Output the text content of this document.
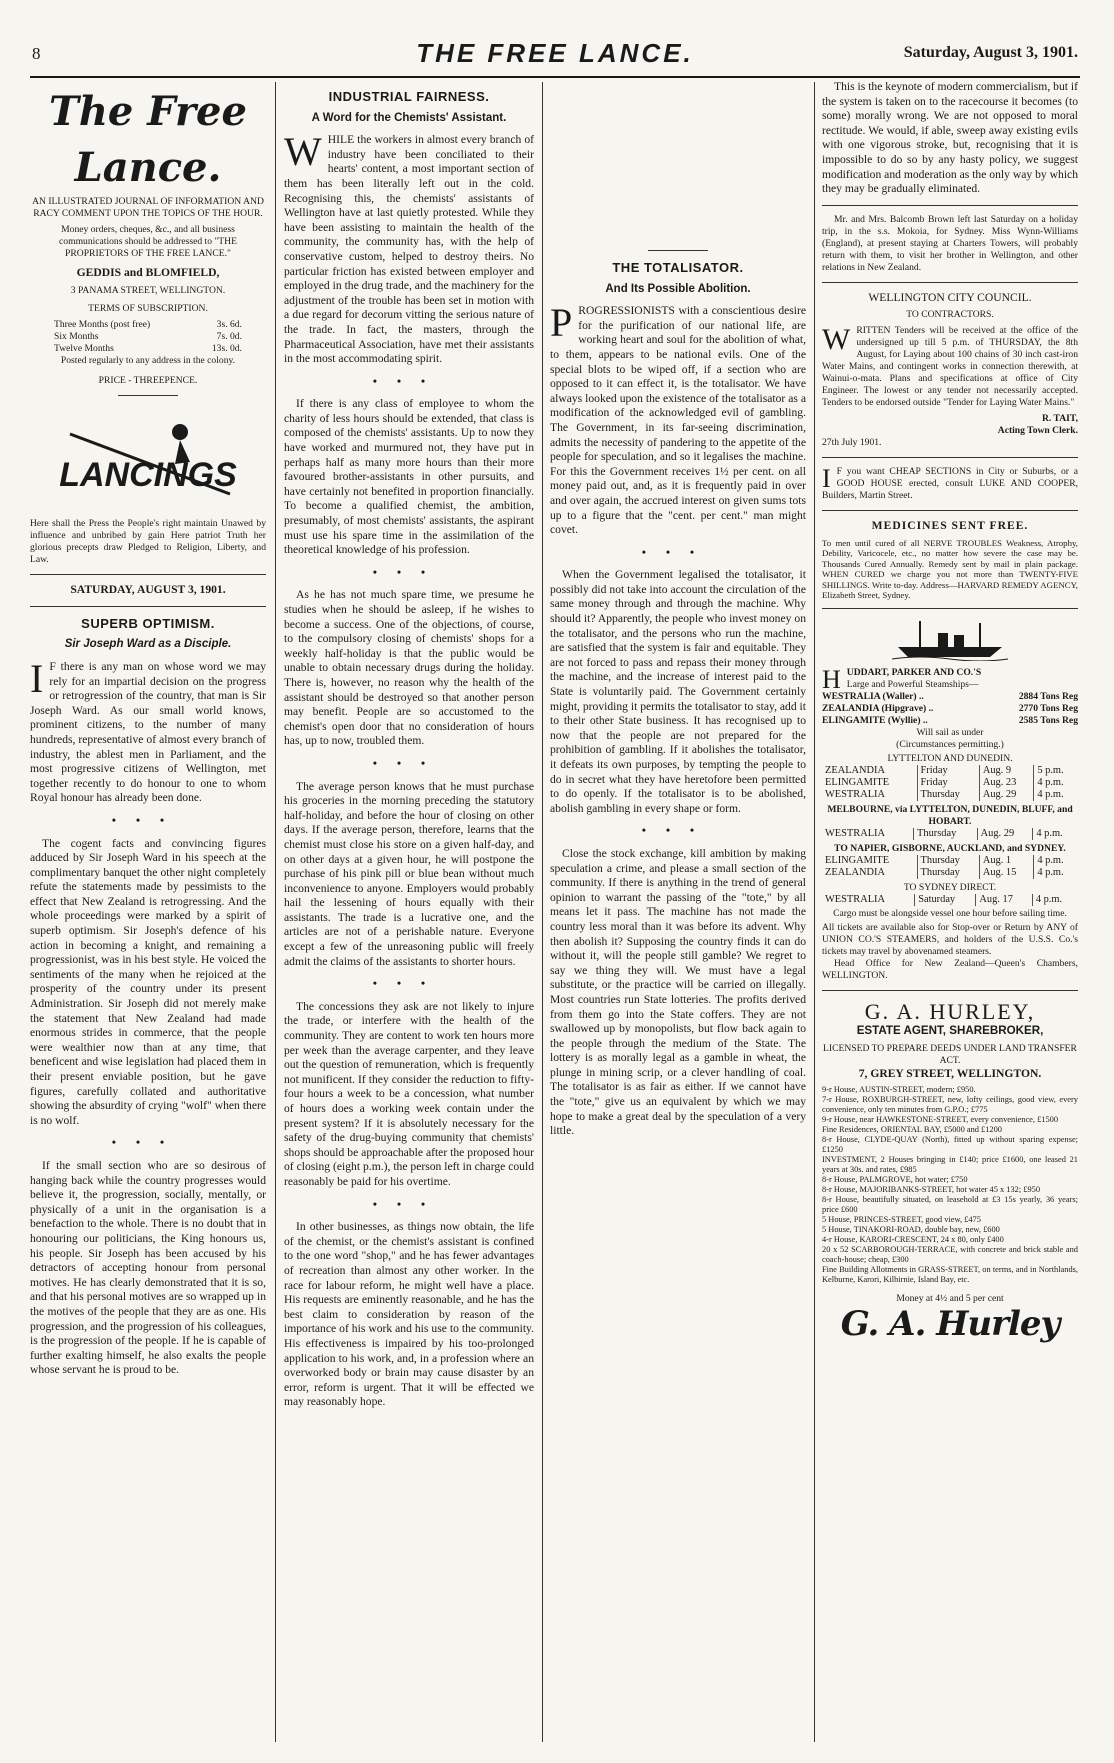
8	THE FREE LANCE.	Saturday, August 3, 1901.
The Free Lance.

AN ILLUSTRATED JOURNAL OF INFORMATION AND RACY COMMENT UPON THE TOPICS OF THE HOUR.

Money orders, cheques, &c., and all business communications should be addressed to "THE PROPRIETORS OF THE FREE LANCE."

GEDDIS and BLOMFIELD,

3 PANAMA STREET, WELLINGTON.

TERMS OF SUBSCRIPTION.

Three Months (post free)	3s. 6d.
Six Months	7s. 0d.
Twelve Months	13s. 0d.

Posted regularly to any address in the colony.

PRICE - THREEPENCE.

LANCINGS

Here shall the Press the People's right maintain Unawed by influence and unbribed by gain Here patriot Truth her glorious precepts draw Pledged to Religion, Liberty, and Law.

SATURDAY, AUGUST 3, 1901.

SUPERB OPTIMISM.
Sir Joseph Ward as a Disciple.

I F there is any man on whose word we may rely for an impartial decision on the progress or retrogression of the country, that man is Sir Joseph Ward. As our small world knows, prominent citizens, to the number of many hundreds, representative of almost every branch of industry, the ablest men in Parliament, and the most progressive citizens of Wellington, met together recently to do honour to one to whom Royal honour has already been done.

•••

The cogent facts and convincing figures adduced by Sir Joseph Ward in his speech at the complimentary banquet the other night completely refute the statements made by pessimists to the effect that New Zealand is retrogressing. And the whole proceedings were marked by a spirit of superb optimism. Sir Joseph's defence of his action in becoming a knight, and remaining a progressionist, was in his best style. He voiced the sentiments of the many when he rejoiced at the prosperity of the country under its present Administration. Sir Joseph did not merely make the statement that New Zealand had made enormous strides in commerce, that the people were wealthier now than at any time, that beneficent and wise legislation had placed them in their present enviable position, but he gave figures, carefully collated and authoritative showing the absurdity of crying "wolf" when there is no wolf.

•••

If the small section who are so desirous of hanging back while the country progresses would believe it, the progression, socially, mentally, or physically of a unit in the organisation is a benefaction to the whole. There is no doubt that in honouring our politicians, the King honours us, his people. Sir Joseph has been accused by his detractors of accepting honour from personal motives. He has clearly demonstrated that it is so, and that his personal motives are so wrapped up in the motives of the people that they are as one. His progression, and the progression of his colleagues, is the progression of the people. If he is capable of further exalting himself, he also exalts the people whose servant he is proud to be.

INDUSTRIAL FAIRNESS.
A Word for the Chemists' Assistant.

WHILE the workers in almost every branch of industry have been conciliated to their hearts' content, a most important section of them has been literally left out in the cold. Recognising this, the chemists' assistants of Wellington have at last quietly protested. While they have been assisting to maintain the health of the community, the community has, with the help of conservative custom, helped to destroy theirs. No particular friction has existed between employer and employed in the drug trade, and the machinery for the adjustment of the trouble has been set in motion with a due regard for decorum vitting the serious nature of the trade. In fact, the masters, through the Pharmaceutical Association, have met their assistants in the most accommodating spirit.

•••

If there is any class of employee to whom the charity of less hours should be extended, that class is composed of the chemists' assistants. Up to now they have worked and murmured not, they have put in perhaps half as many more hours than their more favoured brother-assistants in other pursuits, and have certainly not benefited in proportion financially. To become a qualified chemist, the ambition, presumably, of most chemists' assistants, the aspirant must use his spare time in the assimilation of the theoretical knowledge of his profession.

•••

As he has not much spare time, we presume he studies when he should be asleep, if he wishes to become a success. One of the objections, of course, to the compulsory closing of chemists' shops for a weekly half-holiday is that the public would be unable to obtain necessary drugs during the holiday. There is, however, no reason why the health of the assistant should be destroyed so that another person may benefit. People are so accustomed to the chemist's open door that no consideration of hours has, up to now, troubled them.

•••

The average person knows that he must purchase his groceries in the morning preceding the statutory half-holiday, and before the hour of closing on other days. If the average person, therefore, learns that the chemist must close his store on a given half-day, and on other days at a given hour, he will postpone the purchase of his pink pill or blue bean without much inconvenience to anyone. Employers would probably hail the lessening of hours equally with their assistants. The trade is a lucrative one, and the articles are not of a perishable nature. Everyone except a few of the unreasoning public will freely admit the claims of the assistants to shorter hours.

•••

The concessions they ask are not likely to injure the trade, or interfere with the health of the community. They are content to work ten hours more per week than the average carpenter, and they leave out the question of remuneration, which is frequently not munificent. If they consider the reduction to fifty-four hours a week to be a concession, what number of hours does a working week contain under the present system? If it is absolutely necessary for the safety of the drug-buying community that chemists' shops should be approachable after the proposed hour of closing (eight p.m.), the person left in charge could reasonably be paid for his overtime.

•••

In other businesses, as things now obtain, the life of the chemist, or the chemist's assistant is confined to the one word "shop," and he has fewer advantages of recreation than almost any other worker. In the race for labour reform, he might well have a place. His requests are eminently reasonable, and he has the best claim to consideration by reason of the importance of his work and his use to the community. His effectiveness is impaired by his too-prolonged application to his work, and, in a profession where an overworked body or brain may cause disaster by an error, reform is urgent. That it will be effected we may reasonably hope.

THE TOTALISATOR.
And Its Possible Abolition.

PROGRESSIONISTS with a conscientious desire for the purification of our national life, are working heart and soul for the abolition of what, to them, appears to be national evils. One of the special blots to be wiped off, if a section who are opposed to it can effect it, is the totalisator. We have always looked upon the existence of the totalisator as a modification of the acknowledged evil of gambling. The Government, in its far-seeing discrimination, admits the necessity of pandering to the appetite of the people for speculation, and so it legalises the machine. For this the Government receives 1½ per cent. on all money paid out, and, as it is frequently paid in over and over again, the accrued interest on given sums tots up to a figure that the "cent. per cent." man might covet.

•••

When the Government legalised the totalisator, it possibly did not take into account the circulation of the same money through and through the machine. Why should it? Apparently, the people who invest money on the totalisator, and the persons who run the machine, are satisfied that the system is fair and equitable. They are not forced to pass and repass their money through the machine, and the increase of interest paid to the State is voluntarily paid. The Government certainly might, providing it permits the totalisator to stay, add it to their other State business. It has recognised up to now that the people are not prepared for the prohibition of gambling. If it abolishes the totalisator, it defeats its own purposes, by tempting the people to do in secret what they have heretofore been permitted to do openly. If the totalisator is to be abolished, abolish gambling in every shape or form.

•••

Close the stock exchange, kill ambition by making speculation a crime, and please a small section of the community. If there is anything in the trend of general opinion to warrant the passing of the "tote," by all means let it pass. The machine has not made the country less moral than it was before its advent. Why then abolish it? Supposing the country finds it can do without it, will the people still gamble? We regret to say we thing they will. We must have a legal substitute, or the practice will be carried on illegally. Most countries run State lotteries. The profits derived from them go into the State coffers. They are not swallowed up by monopolists, but flow back again to the people through the medium of the State. The lottery is as morally legal as a gamble in wheat, the plunge in mining scrip, or a clever handling of coal. The totalisator is as fair as either. If we cannot have the "tote," give us an equivalent by which we may hope to make a great deal by the speculation of a very little.

This is the keynote of modern commercialism, but if the system is taken on to the racecourse it becomes (to some) morally wrong. We are not opposed to moral rectitude. We would, if able, sweep away existing evils with one vigorous stroke, but, recognising that it is impossible to do so by any hasty policy, we suggest modification and moderation as the only way by which they may be gradually eliminated.

Mr. and Mrs. Balcomb Brown left last Saturday on a holiday trip, in the s.s. Mokoia, for Sydney. Miss Wynn-Williams (England), at present staying at Charters Towers, will probably return with them, to visit her brother in Wellington, and other relations in New Zealand.

WELLINGTON CITY COUNCIL.

TO CONTRACTORS.

WRITTEN Tenders will be received at the office of the undersigned up till 5 p.m. of THURSDAY, the 8th August, for Laying about 100 chains of 30 inch cast-iron Water Mains, and contingent works in connection therewith, at Wainui-o-mata. Plans and specifications at office of City Engineer. The lowest or any tender not necessarily accepted. Tenders to be endorsed outside "Tender for Laying Water Mains."

R. TAIT,

Acting Town Clerk.

27th July 1901.

I F you want CHEAP SECTIONS in City or Suburbs, or a GOOD HOUSE erected, consult LUKE AND COOPER, Builders, Martin Street.

MEDICINES SENT FREE.

To men until cured of all NERVE TROUBLES Weakness, Atrophy, Debility, Varicocele, etc., no matter how severe the case may be. Thousands Cured Annually. Remedy sent by mail in plain package. WHEN CURED we charge you not more than TWENTY-FIVE SHILLINGS. Write to-day. Address—HARVARD REMEDY AGENCY, Elizabeth Street, Sydney.

HUDDART, PARKER AND CO.'S

Large and Powerful Steamships—

WESTRALIA (Waller) ..	2884 Tons Reg
ZEALANDIA (Hipgrave) ..	2770 Tons Reg
ELINGAMITE (Wyllie) ..	2585 Tons Reg

Will sail as under

(Circumstances permitting.)

LYTTELTON AND DUNEDIN.

ZEALANDIA	Friday	Aug. 9	5 p.m.
ELINGAMITE	Friday	Aug. 23	4 p.m.
WESTRALIA	Thursday	Aug. 29	4 p.m.

MELBOURNE, via LYTTELTON, DUNEDIN, BLUFF, and HOBART.

WESTRALIA	Thursday	Aug. 29	4 p.m.

TO NAPIER, GISBORNE, AUCKLAND, and SYDNEY.

ELINGAMITE	Thursday	Aug. 1	4 p.m.
ZEALANDIA	Thursday	Aug. 15	4 p.m.

TO SYDNEY DIRECT.

WESTRALIA	Saturday	Aug. 17	4 p.m.

Cargo must be alongside vessel one hour before sailing time.

All tickets are available also for Stop-over or Return by ANY of UNION CO.'S STEAMERS, and holders of the U.S.S. Co.'s tickets may travel by abovenamed steamers.

Head Office for New Zealand—Queen's Chambers, WELLINGTON.

G. A. HURLEY,

ESTATE AGENT, SHAREBROKER,

LICENSED TO PREPARE DEEDS UNDER LAND TRANSFER ACT.

7, GREY STREET, WELLINGTON.

9-r House, AUSTIN-STREET, modern; £950.
7-r House, ROXBURGH-STREET, new, lofty ceilings, good view, every convenience, only ten minutes from G.P.O.; £775
9-r House, near HAWKESTONE-STREET, every convenience, £1500
Fine Residences, ORIENTAL BAY, £5000 and £1200
8-r House, CLYDE-QUAY (North), fitted up without sparing expense; £1250
INVESTMENT, 2 Houses bringing in £140; price £1600, one leased 21 years at 30s. and rates, £985
8-r House, PALMGROVE, hot water; £750
8-r House, MAJORIBANKS-STREET, hot water 45 x 132; £950
8-r House, beautifully situated, on leasehold at £3 15s yearly, 36 years; price £600
5 House, PRINCES-STREET, good view, £475
5 House, TINAKORI-ROAD, double bay, new, £600
4-r House, KARORI-CRESCENT, 24 x 80, only £400
20 x 52 SCARBOROUGH-TERRACE, with concrete and brick stable and coach-house; cheap, £300
Fine Building Allotments in GRASS-STREET, on terms, and in Northlands, Kelburne, Karori, Kilbirnie, Island Bay, etc.

Money at 4½ and 5 per cent

G. A. Hurley
